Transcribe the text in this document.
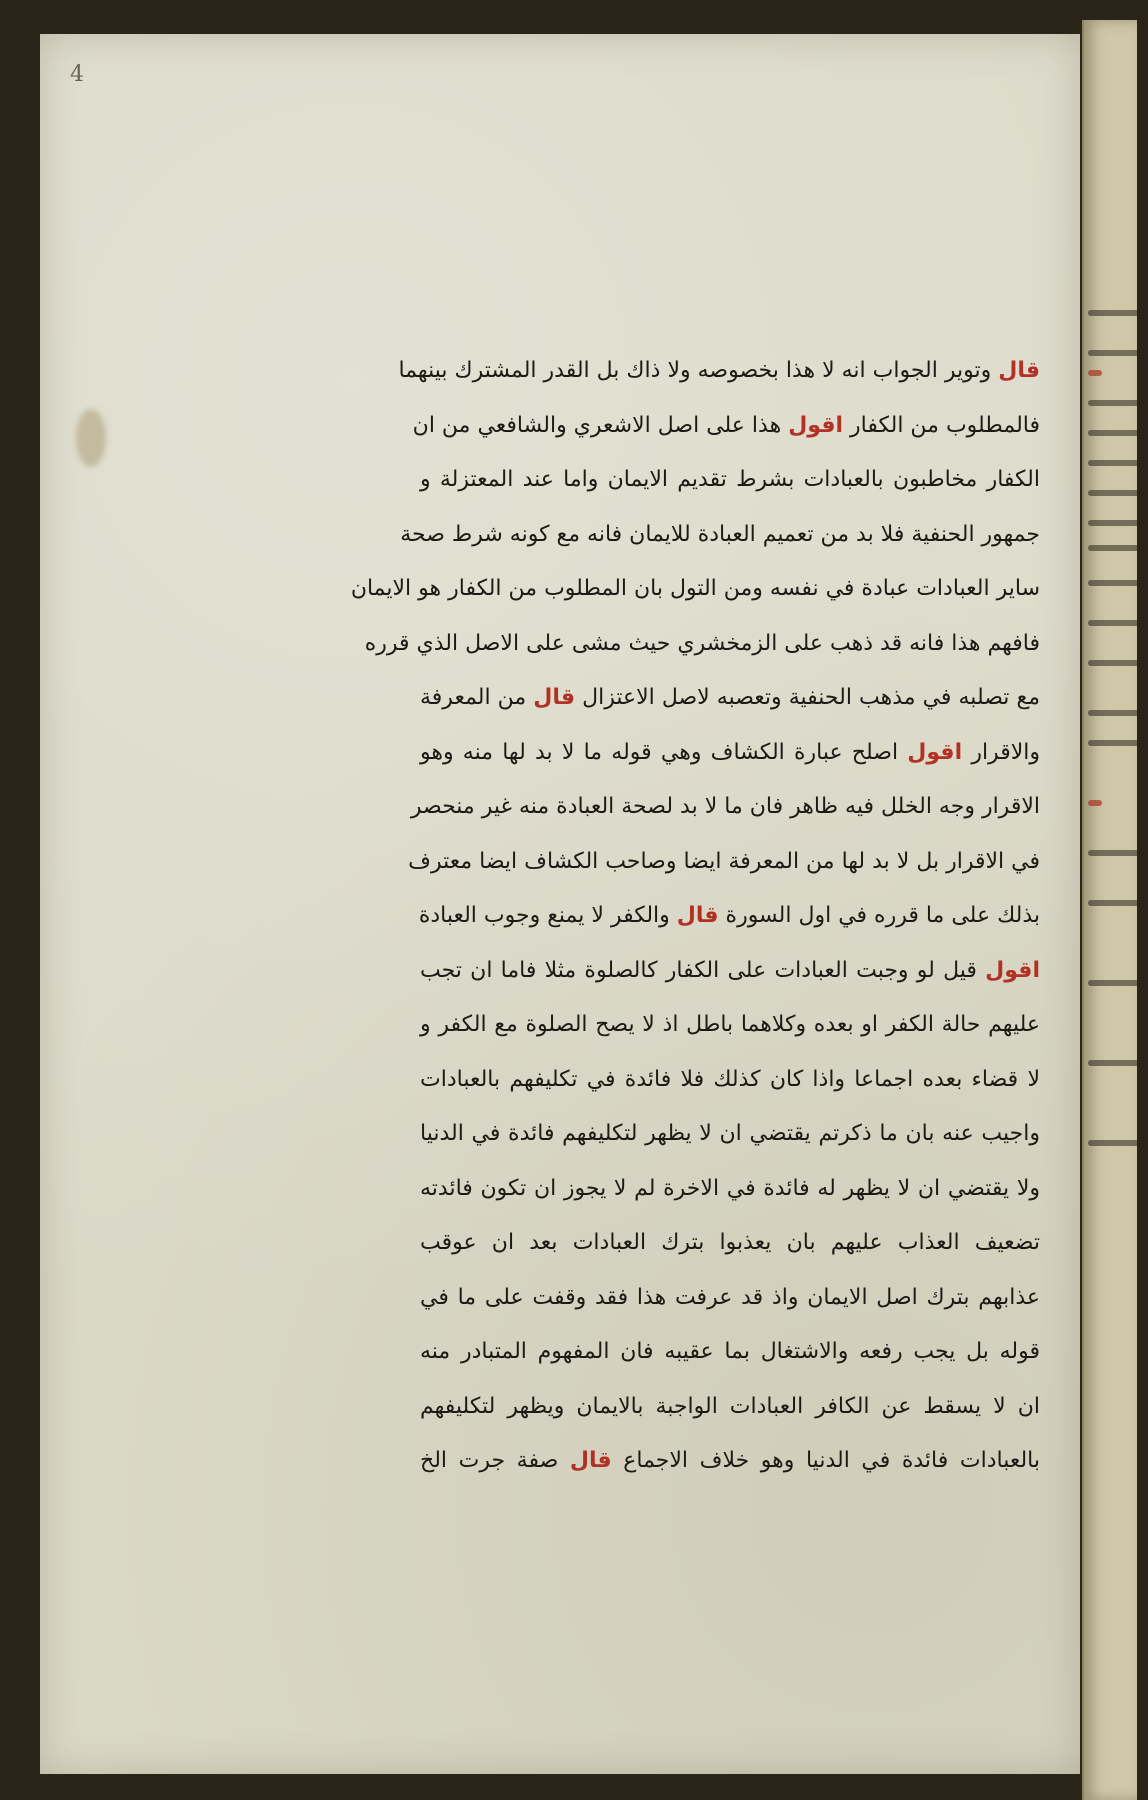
4
قال وتوير الجواب انه لا هذا بخصوصه ولا ذاك بل القدر المشترك بينهما
فالمطلوب من الكفار اقول هذا على اصل الاشعري والشافعي من ان
الكفار مخاطبون بالعبادات بشرط تقديم الايمان واما عند المعتزلة و
جمهور الحنفية فلا بد من تعميم العبادة للايمان فانه مع كونه شرط صحة
ساير العبادات عبادة في نفسه ومن التول بان المطلوب من الكفار هو الايمان
فافهم هذا فانه قد ذهب على الزمخشري حيث مشى على الاصل الذي قرره
مع تصلبه في مذهب الحنفية وتعصبه لاصل الاعتزال قال من المعرفة
والاقرار اقول اصلح عبارة الكشاف وهي قوله ما لا بد لها منه وهو
الاقرار وجه الخلل فيه ظاهر فان ما لا بد لصحة العبادة منه غير منحصر
في الاقرار بل لا بد لها من المعرفة ايضا وصاحب الكشاف ايضا معترف
بذلك على ما قرره في اول السورة قال والكفر لا يمنع وجوب العبادة
اقول قيل لو وجبت العبادات على الكفار كالصلوة مثلا فاما ان تجب
عليهم حالة الكفر او بعده وكلاهما باطل اذ لا يصح الصلوة مع الكفر و
لا قضاء بعده اجماعا واذا كان كذلك فلا فائدة في تكليفهم بالعبادات
واجيب عنه بان ما ذكرتم يقتضي ان لا يظهر لتكليفهم فائدة في الدنيا
ولا يقتضي ان لا يظهر له فائدة في الاخرة لم لا يجوز ان تكون فائدته
تضعيف العذاب عليهم بان يعذبوا بترك العبادات بعد ان عوقب
عذابهم بترك اصل الايمان واذ قد عرفت هذا فقد وقفت على ما في
قوله بل يجب رفعه والاشتغال بما عقيبه فان المفهوم المتبادر منه
ان لا يسقط عن الكافر العبادات الواجبة بالايمان ويظهر لتكليفهم
بالعبادات فائدة في الدنيا وهو خلاف الاجماع قال صفة جرت الخ
